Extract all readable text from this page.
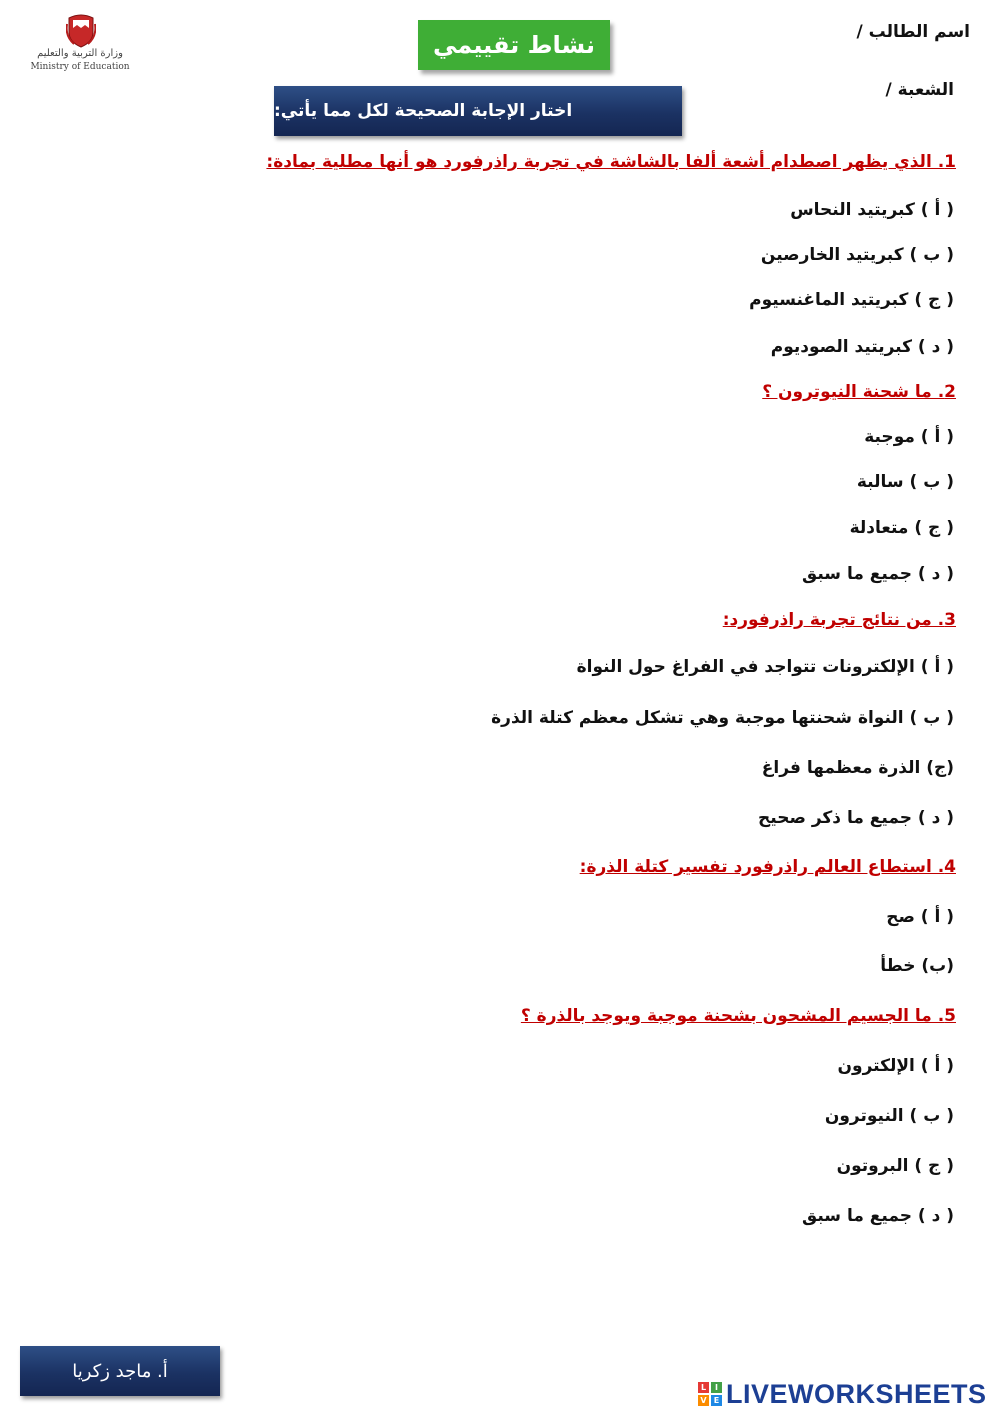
وزارة التربية والتعليم
Ministry of Education
نشاط تقييمي	اسم الطالب /
الشعبة /
اختار الإجابة الصحيحة لكل مما يأتي:
1. الذي يظهر اصطدام أشعة ألفا بالشاشة في تجربة راذرفورد هو أنها مطلية بمادة:
( أ ) كبريتيد النحاس
( ب ) كبريتيد الخارصين
( ج ) كبريتيد الماغنسيوم
( د ) كبريتيد الصوديوم
2. ما شحنة النيوترون ؟
( أ ) موجبة
( ب ) سالبة
( ج ) متعادلة
( د ) جميع ما سبق
3. من نتائج تجربة راذرفورد:
( أ ) الإلكترونات تتواجد في الفراغ حول النواة
( ب ) النواة شحنتها موجبة وهي تشكل معظم كتلة الذرة
(ج) الذرة معظمها فراغ
( د ) جميع ما ذكر صحيح
4. استطاع العالم راذرفورد تفسير كتلة الذرة:
( أ ) صح
(ب) خطأ
5. ما الجسيم المشحون بشحنة موجبة ويوجد بالذرة ؟
( أ ) الإلكترون
( ب ) النيوترون
( ج ) البروتون
( د ) جميع ما سبق
أ. ماجد زكريا
L	I
V E LIVEWORKSHEETS
